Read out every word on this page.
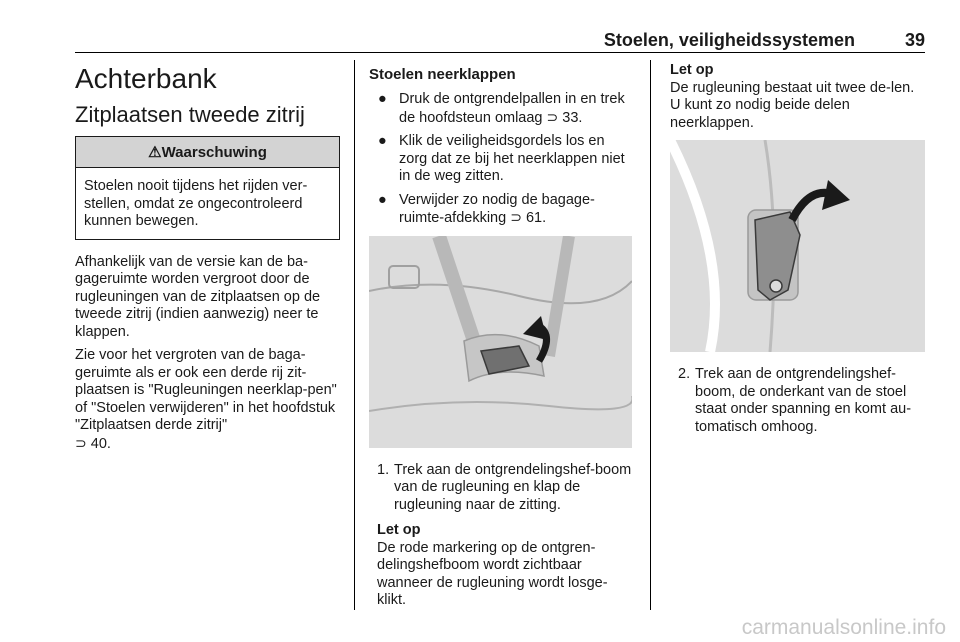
Stoelen, veiligheidssystemen	39
Achterbank
Zitplaatsen tweede zitrij
⚠Waarschuwing
Stoelen nooit tijdens het rijden ver-stellen, omdat ze ongecontroleerd kunnen bewegen.

Afhankelijk van de versie kan de ba-gageruimte worden vergroot door de rugleuningen van de zitplaatsen op de tweede zitrij (indien aanwezig) neer te klappen.

Zie voor het vergroten van de baga-geruimte als er ook een derde rij zit-plaatsen is "Rugleuningen neerklap-pen" of "Stoelen verwijderen" in het hoofdstuk "Zitplaatsen derde zitrij"
⊃ 40.

Stoelen neerklappen
● Druk de ontgrendelpallen in en trek de hoofdsteun omlaag ⊃ 33.
● Klik de veiligheidsgordels los en zorg dat ze bij het neerklappen niet in de weg zitten.
● Verwijder zo nodig de bagage-ruimte-afdekking ⊃ 61.
1. Trek aan de ontgrendelingshef-boom van de rugleuning en klap de rugleuning naar de zitting.
Let op
De rode markering op de ontgren-delingshefboom wordt zichtbaar wanneer de rugleuning wordt losge-klikt.
Let op
De rugleuning bestaat uit twee de-len. U kunt zo nodig beide delen neerklappen.
2. Trek aan de ontgrendelingshef-boom, de onderkant van de stoel staat onder spanning en komt au-tomatisch omhoog.
carmanualsonline.info
